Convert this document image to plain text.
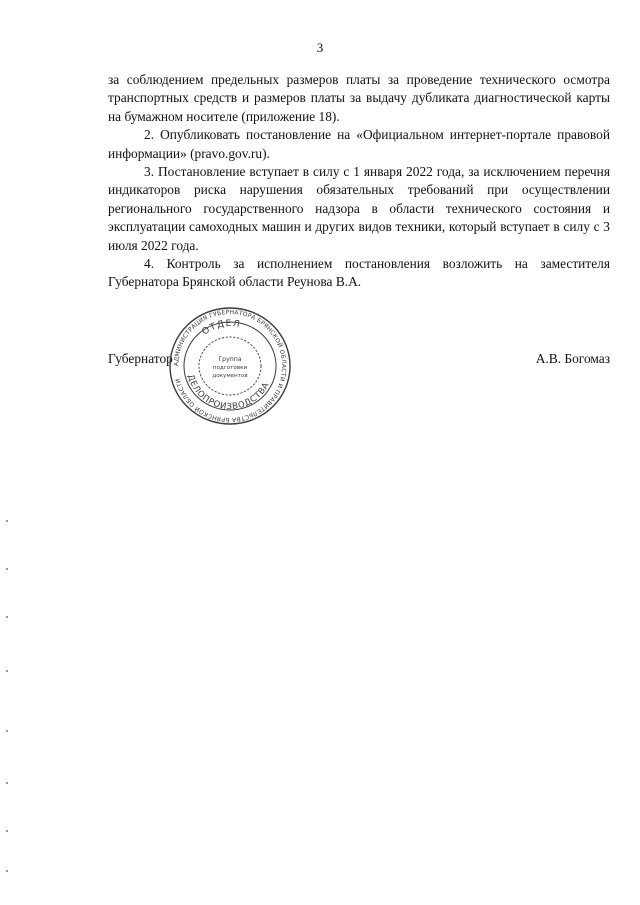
3

за соблюдением предельных размеров платы за проведение технического осмотра транспортных средств и размеров платы за выдачу дубликата диагностической карты на бумажном носителе (приложение 18).

2. Опубликовать постановление на «Официальном интернет-портале правовой информации» (pravo.gov.ru).

3. Постановление вступает в силу с 1 января 2022 года, за исключением перечня индикаторов риска нарушения обязательных требований при осуществлении регионального государственного надзора в области технического состояния и эксплуатации самоходных машин и других видов техники, который вступает в силу с 3 июля 2022 года.

4. Контроль за исполнением постановления возложить на заместителя Губернатора Брянской области Реунова В.А.

Губернатор	А.В. Богомаз
АДМИНИСТРАЦИЯ ГУБЕРНАТОРА БРЯНСКОЙ ОБЛАСТИ И ПРАВИТЕЛЬСТВА БРЯНСКОЙ ОБЛАСТИ
ОТДЕЛ
ДЕЛОПРОИЗВОДСТВА
Группа
подготовки
документов
